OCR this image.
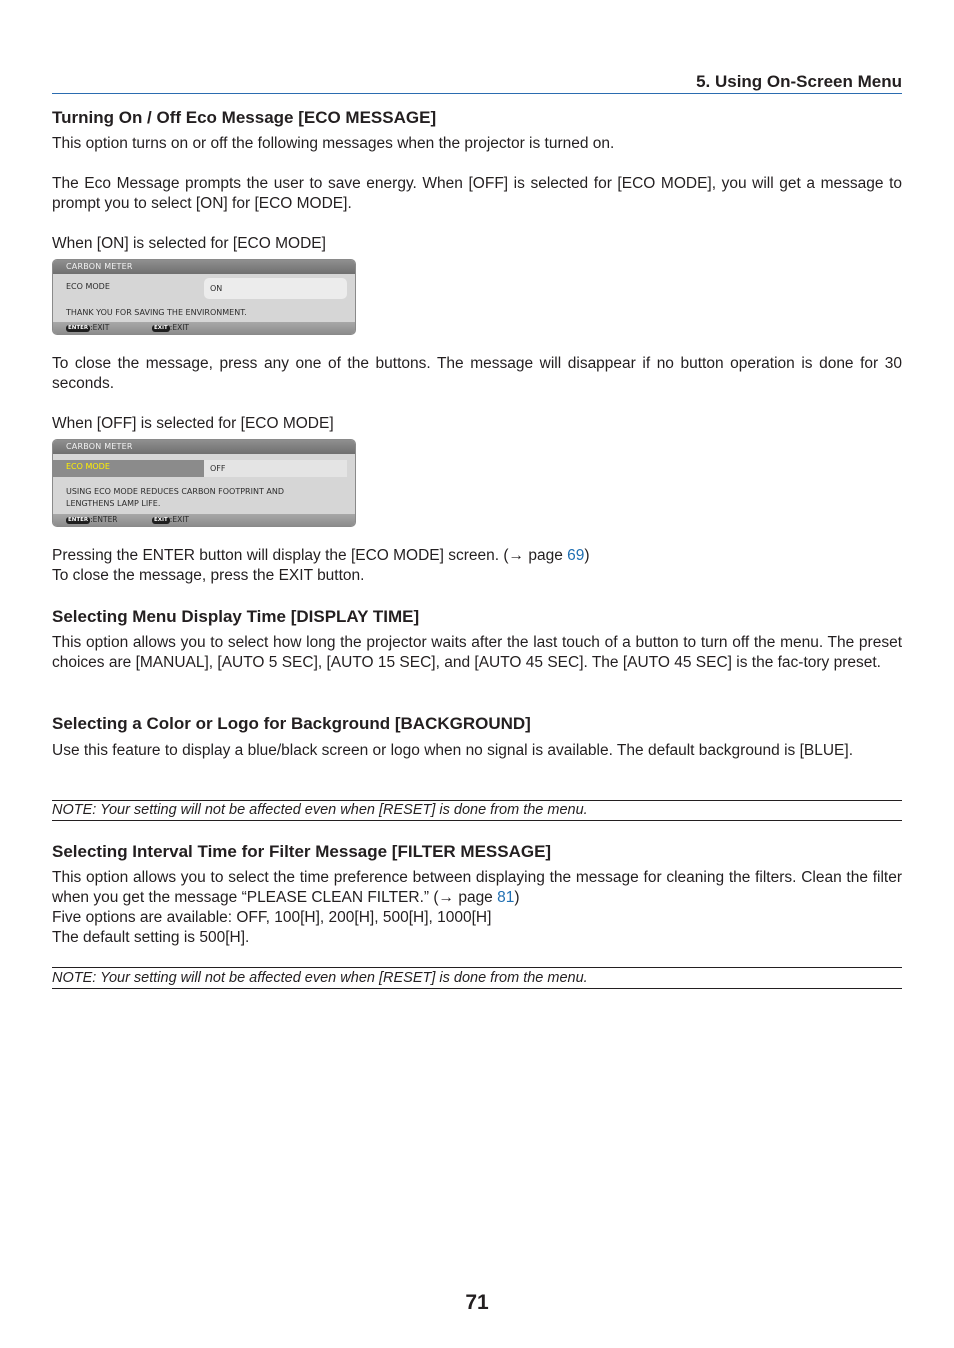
5. Using On-Screen Menu
Turning On / Off Eco Message [ECO MESSAGE]

This option turns on or off the following messages when the projector is turned on.

The Eco Message prompts the user to save energy. When [OFF] is selected for [ECO MODE], you will get a message to prompt you to select [ON] for [ECO MODE].

When [ON] is selected for [ECO MODE]

CARBON METER
ECO MODE	ON
THANK YOU FOR SAVING THE ENVIRONMENT.
ENTER :EXIT	EXIT :EXIT

To close the message, press any one of the buttons. The message will disappear if no button operation is done for 30 seconds.

When [OFF] is selected for [ECO MODE]

CARBON METER
ECO MODE	OFF
USING ECO MODE REDUCES CARBON FOOTPRINT AND
LENGTHENS LAMP LIFE.
ENTER :ENTER	EXIT :EXIT

Pressing the ENTER button will display the [ECO MODE] screen. (→ page 69)

To close the message, press the EXIT button.

Selecting Menu Display Time [DISPLAY TIME]

This option allows you to select how long the projector waits after the last touch of a button to turn off the menu. The preset choices are [MANUAL], [AUTO 5 SEC], [AUTO 15 SEC], and [AUTO 45 SEC]. The [AUTO 45 SEC] is the fac-tory preset.

Selecting a Color or Logo for Background [BACKGROUND]

Use this feature to display a blue/black screen or logo when no signal is available. The default background is [BLUE].

NOTE: Your setting will not be affected even when [RESET] is done from the menu.
Selecting Interval Time for Filter Message [FILTER MESSAGE]

This option allows you to select the time preference between displaying the message for cleaning the filters. Clean the filter when you get the message “PLEASE CLEAN FILTER.” (→ page 81)

Five options are available: OFF, 100[H], 200[H], 500[H], 1000[H]

The default setting is 500[H].

NOTE: Your setting will not be affected even when [RESET] is done from the menu.
71
